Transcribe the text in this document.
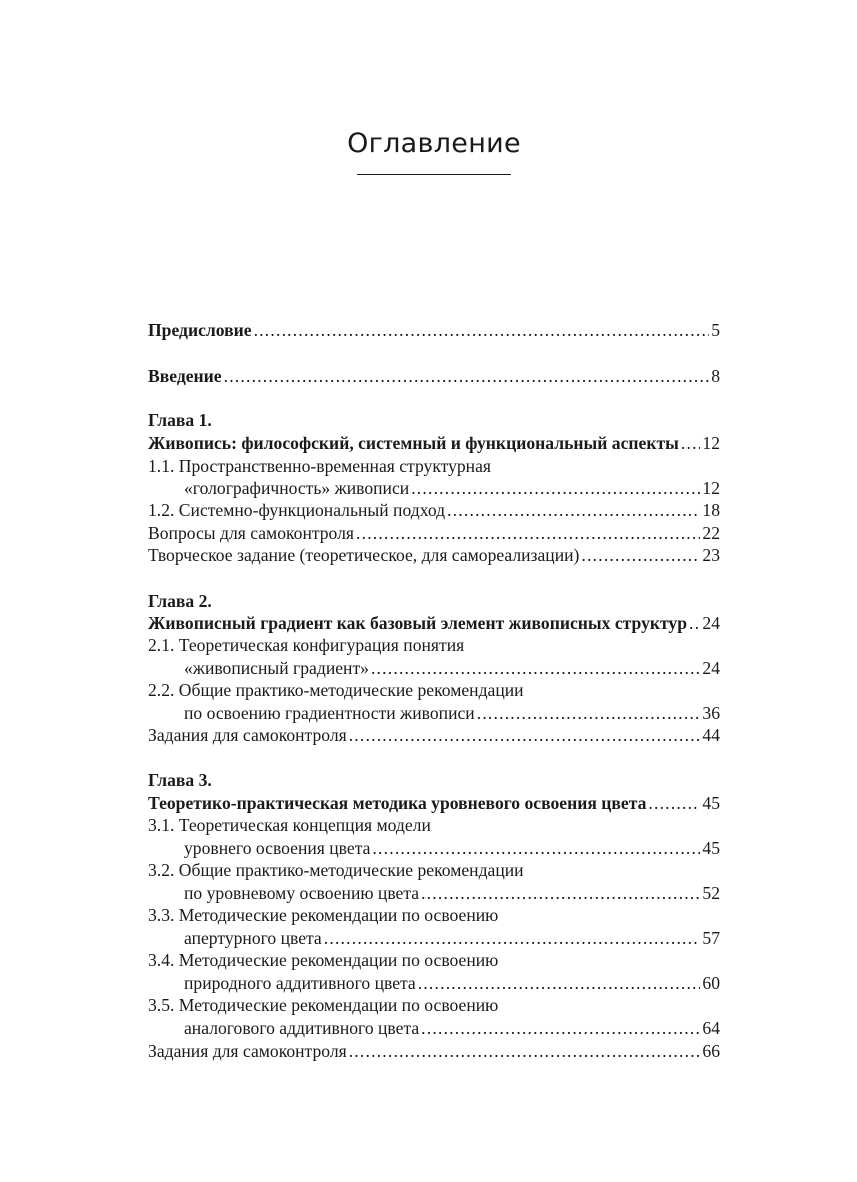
Оглавление
Предисловие .....	5
Введение .....	8
Глава 1.
Живопись: философский, системный и функциональный аспекты ..... 12
1.1. Пространственно-временная структурная
«голографичность» живописи .....	12
1.2. Системно-функциональный подход .....	18
Вопросы для самоконтроля .....	22
Творческое задание (теоретическое, для самореализации) .....	23
Глава 2.
Живописный градиент как базовый элемент живописных структур ..... 24
2.1. Теоретическая конфигурация понятия
«живописный градиент» .....	24
2.2. Общие практико-методические рекомендации
по освоению градиентности живописи .....	36
Задания для самоконтроля .....	44
Глава 3.
Теоретико-практическая методика уровневого освоения цвета .....	45
3.1. Теоретическая концепция модели
уровнего освоения цвета .....	45
3.2. Общие практико-методические рекомендации
по уровневому освоению цвета .....	52
3.3. Методические рекомендации по освоению
апертурного цвета .....	57
3.4. Методические рекомендации по освоению
природного аддитивного цвета .....	60
3.5. Методические рекомендации по освоению
аналогового аддитивного цвета .....	64
Задания для самоконтроля .....	66
